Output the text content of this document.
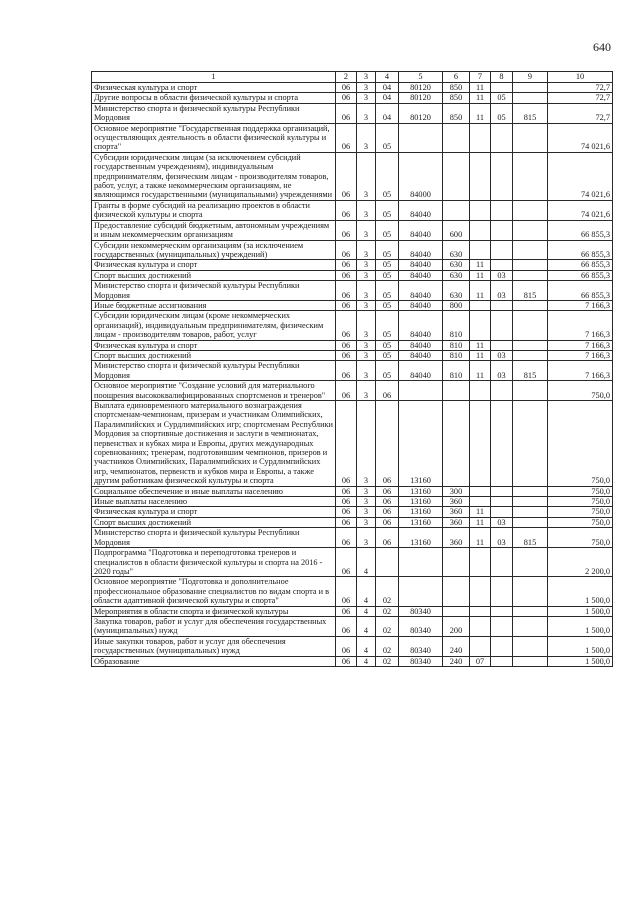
640
1	2	3	4	5	6	7	8	9	10
Физическая культура и спорт	06	3	04	80120	850	11			72,7
Другие вопросы в области физической культуры и спорта	06	3	04	80120	850	11	05		72,7
Министерство спорта и физической культуры Республики Мордовия	06	3	04	80120	850	11	05	815	72,7
Основное мероприятие "Государственная поддержка организаций, осуществляющих деятельность в области физической культуры и спорта"	06	3	05						74 021,6
Субсидии юридическим лицам (за исключением субсидий государственным учреждениям), индивидуальным предпринимателям, физическим лицам - производителям товаров, работ, услуг, а также некоммерческим организациям, не являющимся государственными (муниципальными) учреждениями	06	3	05	84000					74 021,6
Гранты в форме субсидий на реализацию проектов в области физической культуры и спорта	06	3	05	84040					74 021,6
Предоставление субсидий бюджетным, автономным учреждениям и иным некоммерческим организациям	06	3	05	84040	600				66 855,3
Субсидии некоммерческим организациям (за исключением государственных (муниципальных) учреждений)	06	3	05	84040	630				66 855,3
Физическая культура и спорт	06	3	05	84040	630	11			66 855,3
Спорт высших достижений	06	3	05	84040	630	11	03		66 855,3
Министерство спорта и физической культуры Республики Мордовия	06	3	05	84040	630	11	03	815	66 855,3
Иные бюджетные ассигнования	06	3	05	84040	800				7 166,3
Субсидии юридическим лицам (кроме некоммерческих организаций), индивидуальным предпринимателям, физическим лицам - производителям товаров, работ, услуг	06	3	05	84040	810				7 166,3
Физическая культура и спорт	06	3	05	84040	810	11			7 166,3
Спорт высших достижений	06	3	05	84040	810	11	03		7 166,3
Министерство спорта и физической культуры Республики Мордовия	06	3	05	84040	810	11	03	815	7 166,3
Основное мероприятие "Создание условий для материального поощрения высококвалифицированных спортсменов и тренеров"	06	3	06						750,0
Выплата единовременного материального вознаграждения спортсменам-чемпионам, призерам и участникам Олимпийских, Паралимпийских и Сурдлимпийских игр; спортсменам Республики Мордовия за спортивные достижения и заслуги в чемпионатах, первенствах и кубках мира и Европы, других международных соревнованиях; тренерам, подготовившим чемпионов, призеров и участников Олимпийских, Паралимпийских и Сурдлимпийских игр, чемпионатов, первенств и кубков мира и Европы, а также другим работникам физической культуры и спорта	06	3	06	13160					750,0
Социальное обеспечение и иные выплаты населению	06	3	06	13160	300				750,0
Иные выплаты населению	06	3	06	13160	360				750,0
Физическая культура и спорт	06	3	06	13160	360	11			750,0
Спорт высших достижений	06	3	06	13160	360	11	03		750,0
Министерство спорта и физической культуры Республики Мордовия	06	3	06	13160	360	11	03	815	750,0
Подпрограмма "Подготовка и переподготовка тренеров и специалистов в области физической культуры и спорта на 2016 - 2020 годы"	06	4							2 200,0
Основное мероприятие "Подготовка и дополнительное профессиональное образование специалистов по видам спорта и в области адаптивной физической культуры и спорта"	06	4	02						1 500,0
Мероприятия в области спорта и физической культуры	06	4	02	80340					1 500,0
Закупка товаров, работ и услуг для обеспечения государственных (муниципальных) нужд	06	4	02	80340	200				1 500,0
Иные закупки товаров, работ и услуг для обеспечения государственных (муниципальных) нужд	06	4	02	80340	240				1 500,0
Образование	06	4	02	80340	240	07			1 500,0
